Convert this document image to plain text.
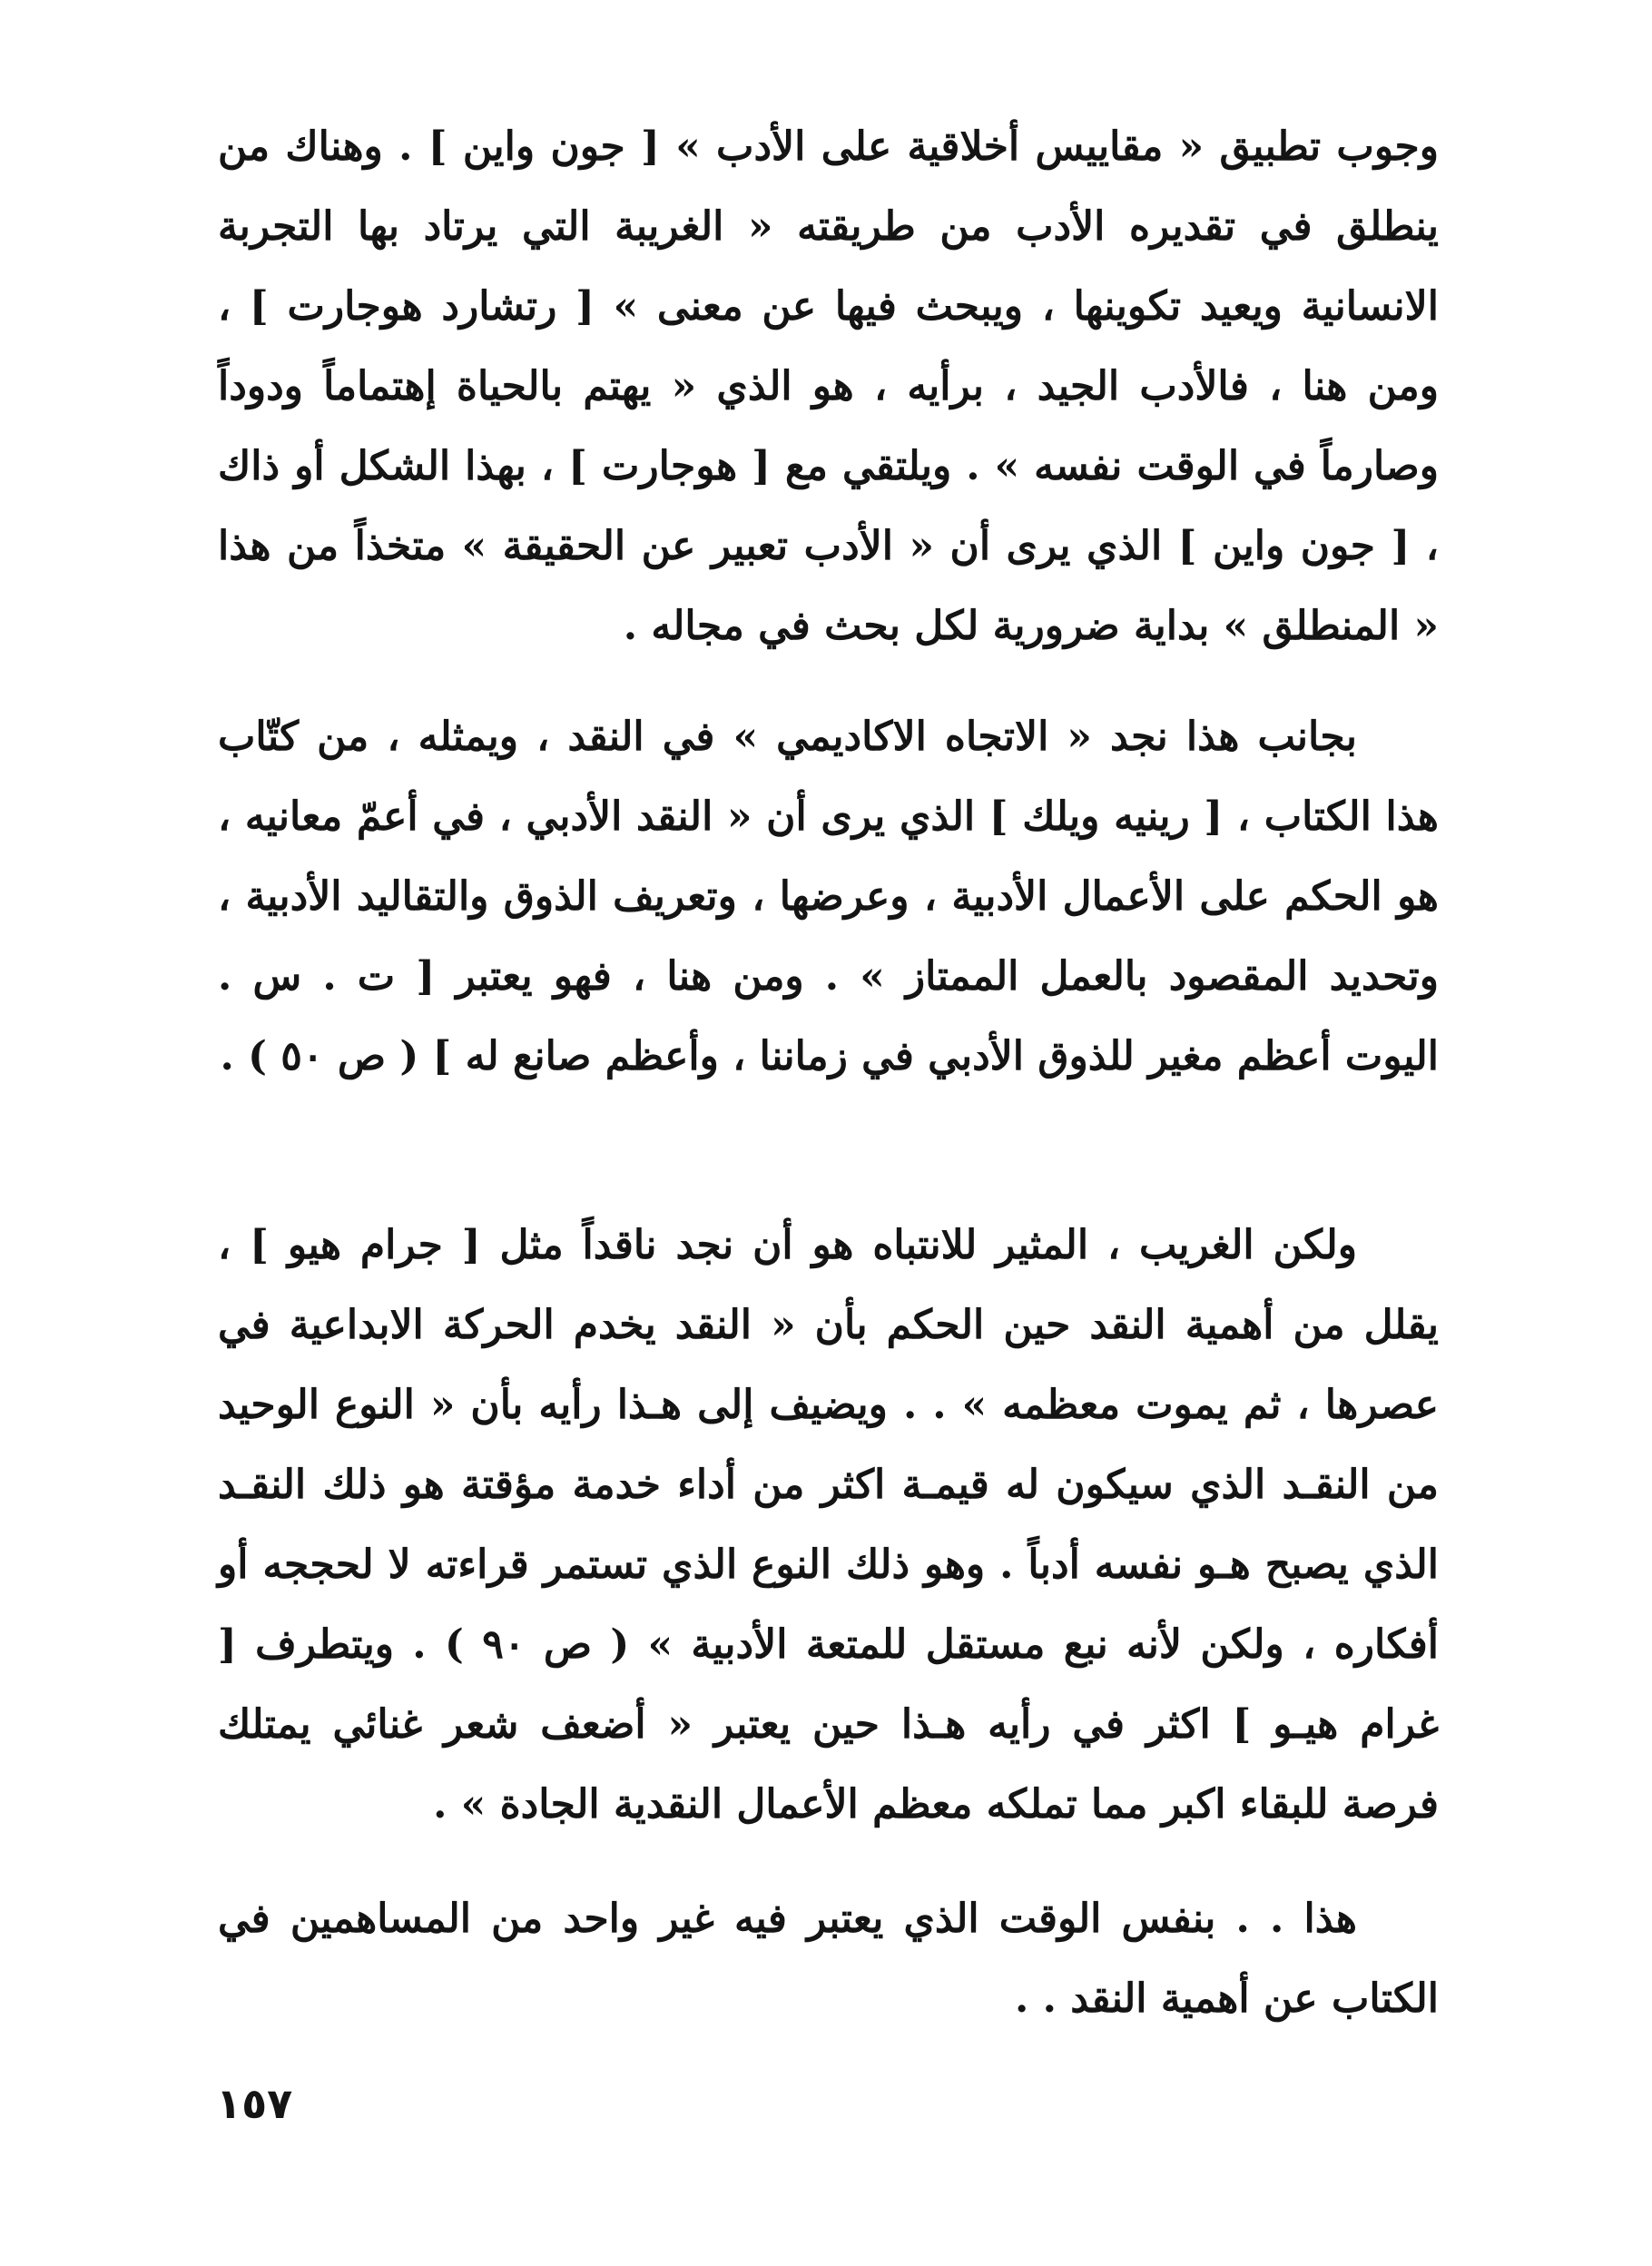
وجوب تطبيق « مقاييس أخلاقية على الأدب » [ جون واين ] . وهناك من ينطلق في تقديره الأدب من طريقته « الغريبة التي يرتاد بها التجربة الانسانية ويعيد تكوينها ، ويبحث فيها عن معنى » [ رتشارد هوجارت ] ، ومن هنا ، فالأدب الجيد ، برأيه ، هو الذي « يهتم بالحياة إهتماماً ودوداً وصارماً في الوقت نفسه » . ويلتقي مع [ هوجارت ] ، بهذا الشكل أو ذاك ، [ جون واين ] الذي يرى أن « الأدب تعبير عن الحقيقة » متخذاً من هذا « المنطلق » بداية ضرورية لكل بحث في مجاله .

بجانب هذا نجد « الاتجاه الاكاديمي » في النقد ، ويمثله ، من كتّاب هذا الكتاب ، [ رينيه ويلك ] الذي يرى أن « النقد الأدبي ، في أعمّ معانيه ، هو الحكم على الأعمال الأدبية ، وعرضها ، وتعريف الذوق والتقاليد الأدبية ، وتحديد المقصود بالعمل الممتاز » . ومن هنا ، فهو يعتبر [ ت . س . اليوت أعظم مغير للذوق الأدبي في زماننا ، وأعظم صانع له ] ( ص ٥٠ ) .

ولكن الغريب ، المثير للانتباه هو أن نجد ناقداً مثل [ جرام هيو ] ، يقلل من أهمية النقد حين الحكم بأن « النقد يخدم الحركة الابداعية في عصرها ، ثم يموت معظمه » . . ويضيف إلى هـذا رأيه بأن « النوع الوحيد من النقـد الذي سيكون له قيمـة اكثر من أداء خدمة مؤقتة هو ذلك النقـد الذي يصبح هـو نفسه أدباً . وهو ذلك النوع الذي تستمر قراءته لا لحججه أو أفكاره ، ولكن لأنه نبع مستقل للمتعة الأدبية » ( ص ٩٠ ) . ويتطرف [ غرام هيـو ] اكثر في رأيه هـذا حين يعتبر « أضعف شعر غنائي يمتلك فرصة للبقاء اكبر مما تملكه معظم الأعمال النقدية الجادة » .

هذا . . بنفس الوقت الذي يعتبر فيه غير واحد من المساهمين في الكتاب عن أهمية النقد . .

١٥٧
